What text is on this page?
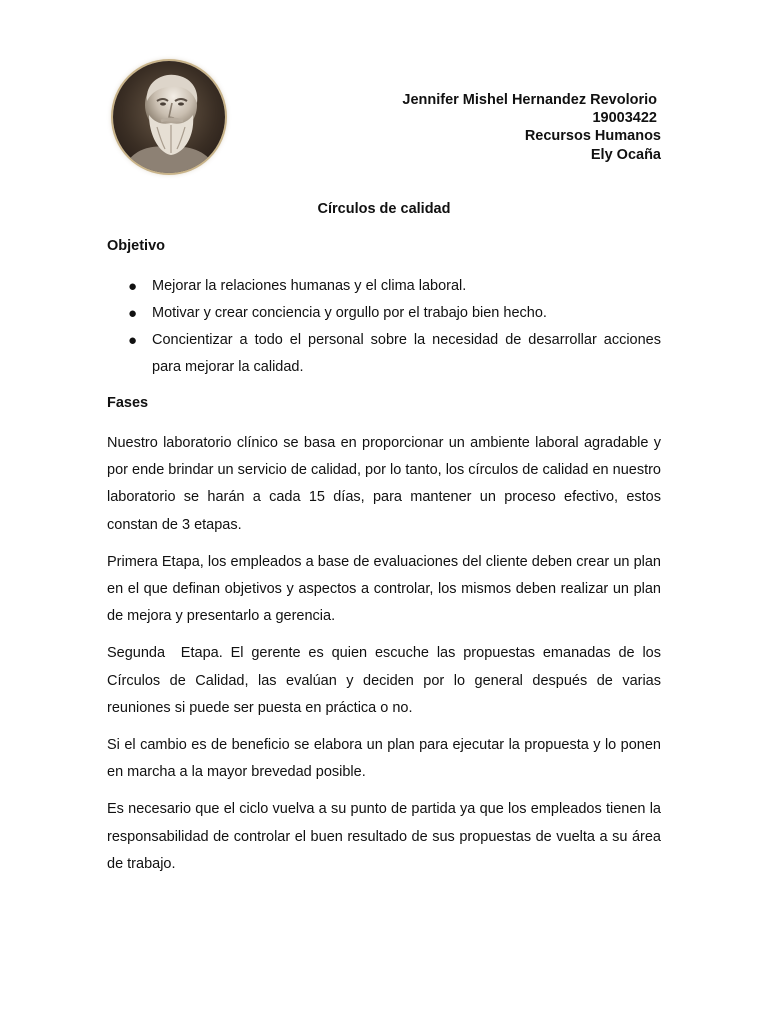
Jennifer Mishel Hernandez Revolorio
19003422
Recursos Humanos
Ely Ocaña
Círculos de calidad

Objetivo

● Mejorar la relaciones humanas y el clima laboral.
● Motivar y crear conciencia y orgullo por el trabajo bien hecho.
● Concientizar a todo el personal sobre la necesidad de desarrollar acciones para mejorar la calidad.

Fases

Nuestro laboratorio clínico se basa en proporcionar un ambiente laboral agradable y por ende brindar un servicio de calidad, por lo tanto, los círculos de calidad en nuestro laboratorio se harán a cada 15 días, para mantener un proceso efectivo, estos constan de 3 etapas.

Primera Etapa, los empleados a base de evaluaciones del cliente deben crear un plan en el que definan objetivos y aspectos a controlar, los mismos deben realizar un plan de mejora y presentarlo a gerencia.

Segunda  Etapa. El gerente es quien escuche las propuestas emanadas de los Círculos de Calidad, las evalúan y deciden por lo general después de varias reuniones si puede ser puesta en práctica o no.

Si el cambio es de beneficio se elabora un plan para ejecutar la propuesta y lo ponen en marcha a la mayor brevedad posible.

Es necesario que el ciclo vuelva a su punto de partida ya que los empleados tienen la responsabilidad de controlar el buen resultado de sus propuestas de vuelta a su área de trabajo.
